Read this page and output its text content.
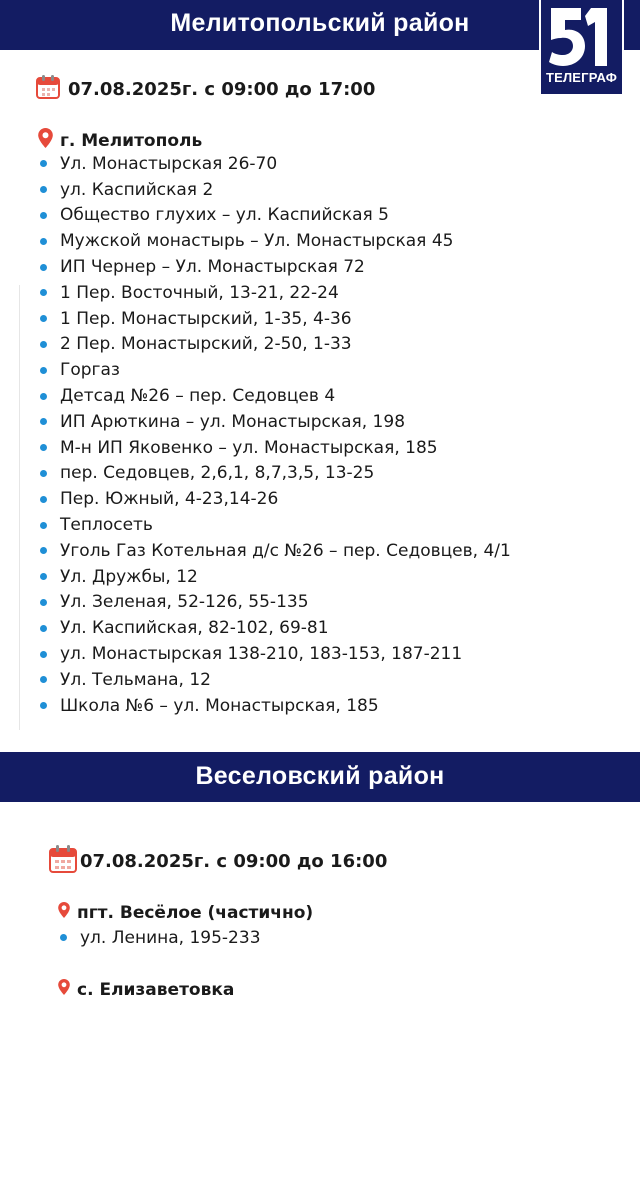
Мелитопольский район
ТЕЛЕГРАФ
07.08.2025г. с 09:00 до 17:00
г. Мелитополь
Ул. Монастырская 26-70
ул. Каспийская 2
Общество глухих – ул. Каспийская 5
Мужской монастырь – Ул. Монастырская 45
ИП Чернер – Ул. Монастырская 72
1 Пер. Восточный, 13-21, 22-24
1 Пер. Монастырский, 1-35, 4-36
2 Пер. Монастырский, 2-50, 1-33
Горгаз
Детсад №26 – пер. Седовцев 4
ИП Арюткина – ул. Монастырская, 198
М-н ИП Яковенко – ул. Монастырская, 185
пер. Седовцев, 2,6,1, 8,7,3,5, 13-25
Пер. Южный, 4-23,14-26
Теплосеть
Уголь Газ Котельная д/с №26 – пер. Седовцев, 4/1
Ул. Дружбы, 12
Ул. Зеленая, 52-126, 55-135
Ул. Каспийская, 82-102, 69-81
ул. Монастырская 138-210, 183-153, 187-211
Ул. Тельмана, 12
Школа №6 – ул. Монастырская, 185
Веселовский район
07.08.2025г. с 09:00 до 16:00
пгт. Весёлое (частично)
ул. Ленина, 195-233
с. Елизаветовка
